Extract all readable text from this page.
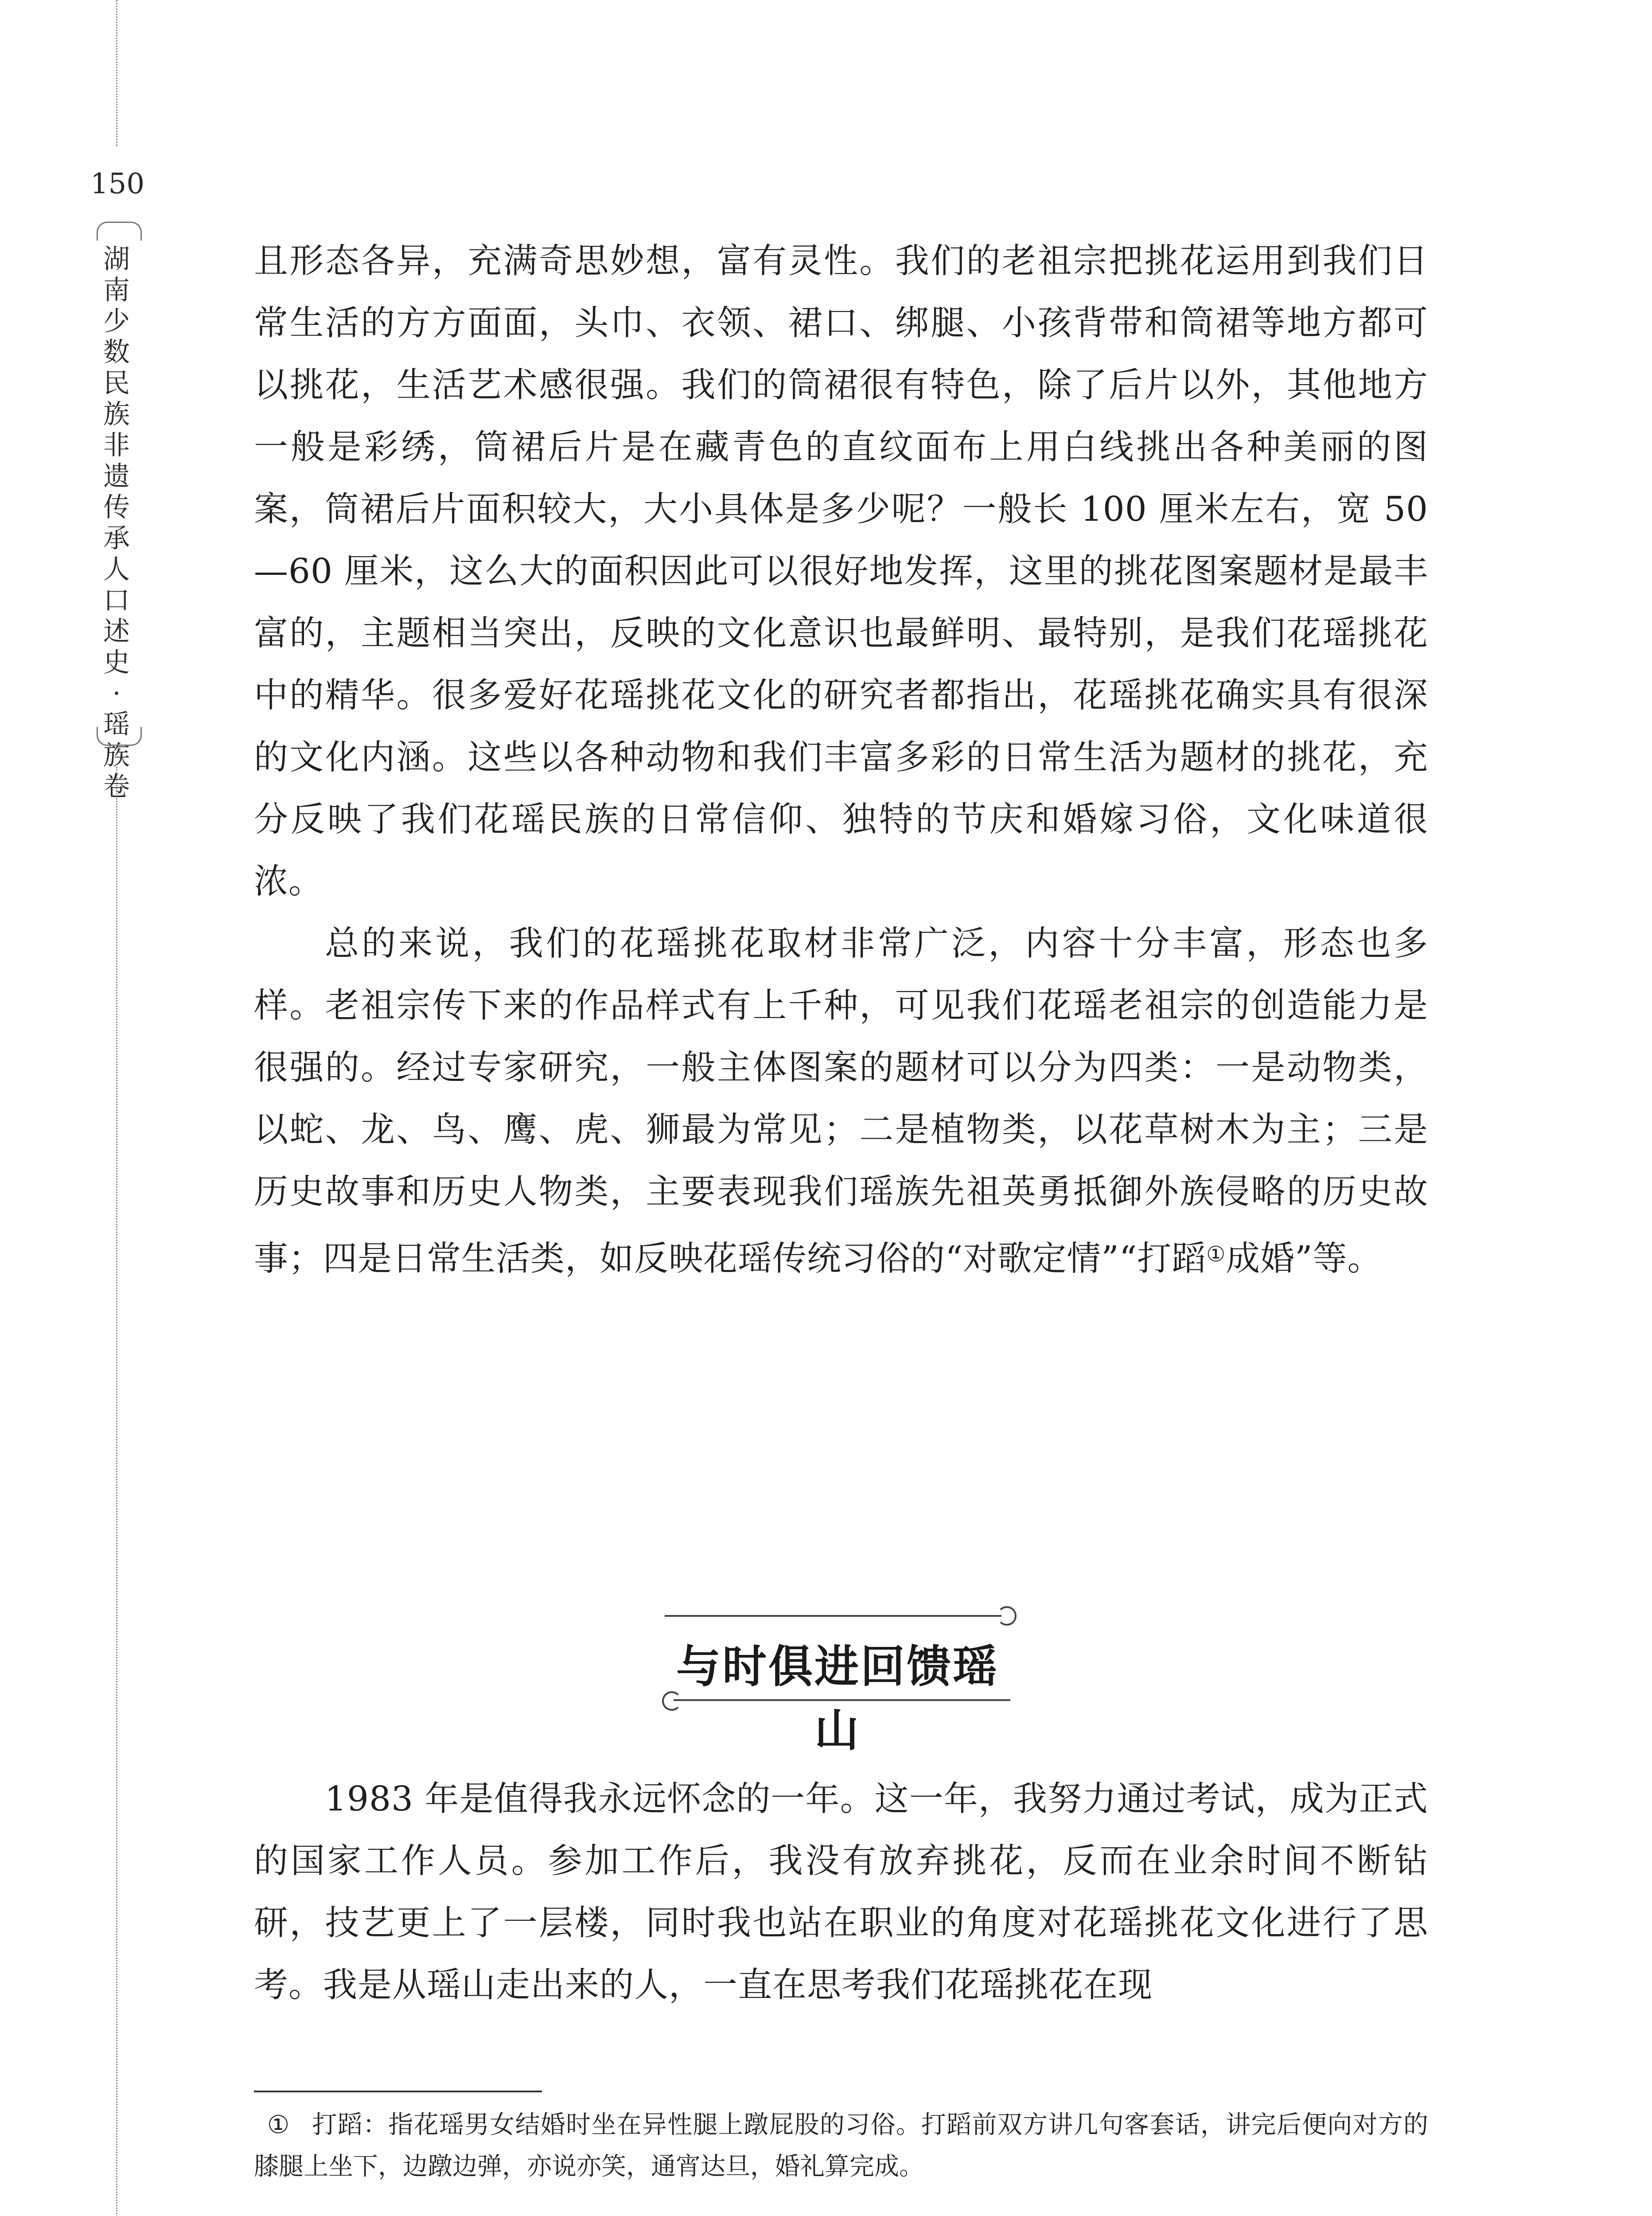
150
湖
南
少
数
民
族
非
遗
传
承
人
口
述
史
·
瑶
族
卷

且形态各异，充满奇思妙想，富有灵性。我们的老祖宗把挑花运用到我们日常生活的方方面面，头巾、衣领、裙口、绑腿、小孩背带和筒裙等地方都可以挑花，生活艺术感很强。我们的筒裙很有特色，除了后片以外，其他地方一般是彩绣，筒裙后片是在藏青色的直纹面布上用白线挑出各种美丽的图案，筒裙后片面积较大，大小具体是多少呢？一般长 100 厘米左右，宽 50—60 厘米，这么大的面积因此可以很好地发挥，这里的挑花图案题材是最丰富的，主题相当突出，反映的文化意识也最鲜明、最特别，是我们花瑶挑花中的精华。很多爱好花瑶挑花文化的研究者都指出，花瑶挑花确实具有很深的文化内涵。这些以各种动物和我们丰富多彩的日常生活为题材的挑花，充分反映了我们花瑶民族的日常信仰、独特的节庆和婚嫁习俗，文化味道很浓。

总的来说，我们的花瑶挑花取材非常广泛，内容十分丰富，形态也多样。老祖宗传下来的作品样式有上千种，可见我们花瑶老祖宗的创造能力是很强的。经过专家研究，一般主体图案的题材可以分为四类：一是动物类，以蛇、龙、鸟、鹰、虎、狮最为常见；二是植物类，以花草树木为主；三是历史故事和历史人物类，主要表现我们瑶族先祖英勇抵御外族侵略的历史故事；四是日常生活类，如反映花瑶传统习俗的“对歌定情”“打蹈①成婚”等。

与时俱进回馈瑶山

1983 年是值得我永远怀念的一年。这一年，我努力通过考试，成为正式的国家工作人员。参加工作后，我没有放弃挑花，反而在业余时间不断钻研，技艺更上了一层楼，同时我也站在职业的角度对花瑶挑花文化进行了思考。我是从瑶山走出来的人，一直在思考我们花瑶挑花在现

① 打蹈：指花瑶男女结婚时坐在异性腿上蹾屁股的习俗。打蹈前双方讲几句客套话，讲完后便向对方的膝腿上坐下，边蹾边弹，亦说亦笑，通宵达旦，婚礼算完成。
